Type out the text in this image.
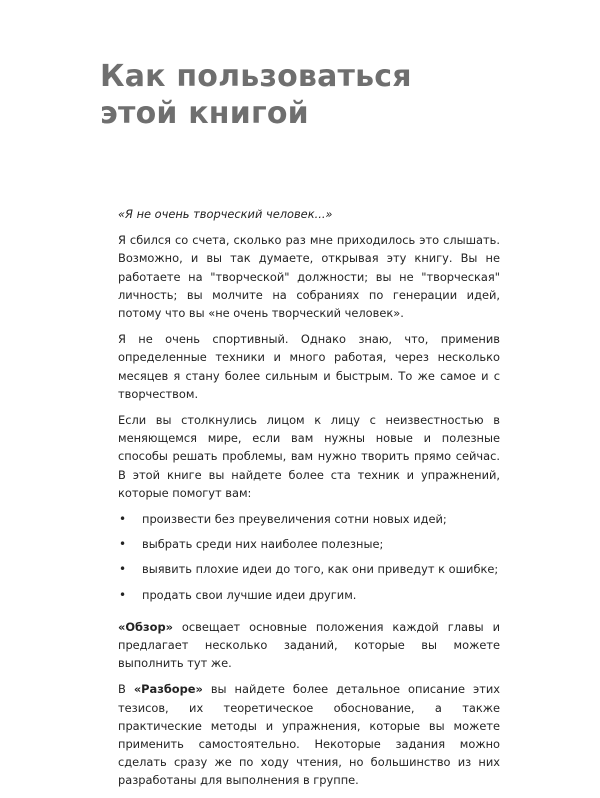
Как пользоваться
этой книгой

«Я не очень творческий человек...»

Я сбился со счета, сколько раз мне приходилось это слышать. Возможно, и вы так думаете, открывая эту книгу. Вы не работаете на "творческой" должности; вы не "творческая" личность; вы молчите на собраниях по генерации идей, потому что вы «не очень творческий человек».

Я не очень спортивный. Однако знаю, что, применив определенные техники и много работая, через несколько месяцев я стану более сильным и быстрым. То же самое и с творчеством.

Если вы столкнулись лицом к лицу с неизвестностью в меняющемся мире, если вам нужны новые и полезные способы решать проблемы, вам нужно творить прямо сейчас. В этой книге вы найдете более ста техник и упражнений, которые помогут вам:

• произвести без преувеличения сотни новых идей;
• выбрать среди них наиболее полезные;
• выявить плохие идеи до того, как они приведут к ошибке;
• продать свои лучшие идеи другим.

«Обзор» освещает основные положения каждой главы и предлагает несколько заданий, которые вы можете выполнить тут же.

В «Разборе» вы найдете более детальное описание этих тезисов, их теоретическое обоснование, а также практические методы и упражнения, которые вы можете применить самостоятельно. Некоторые задания можно сделать сразу же по ходу чтения, но большинство из них разработаны для выполнения в группе.
